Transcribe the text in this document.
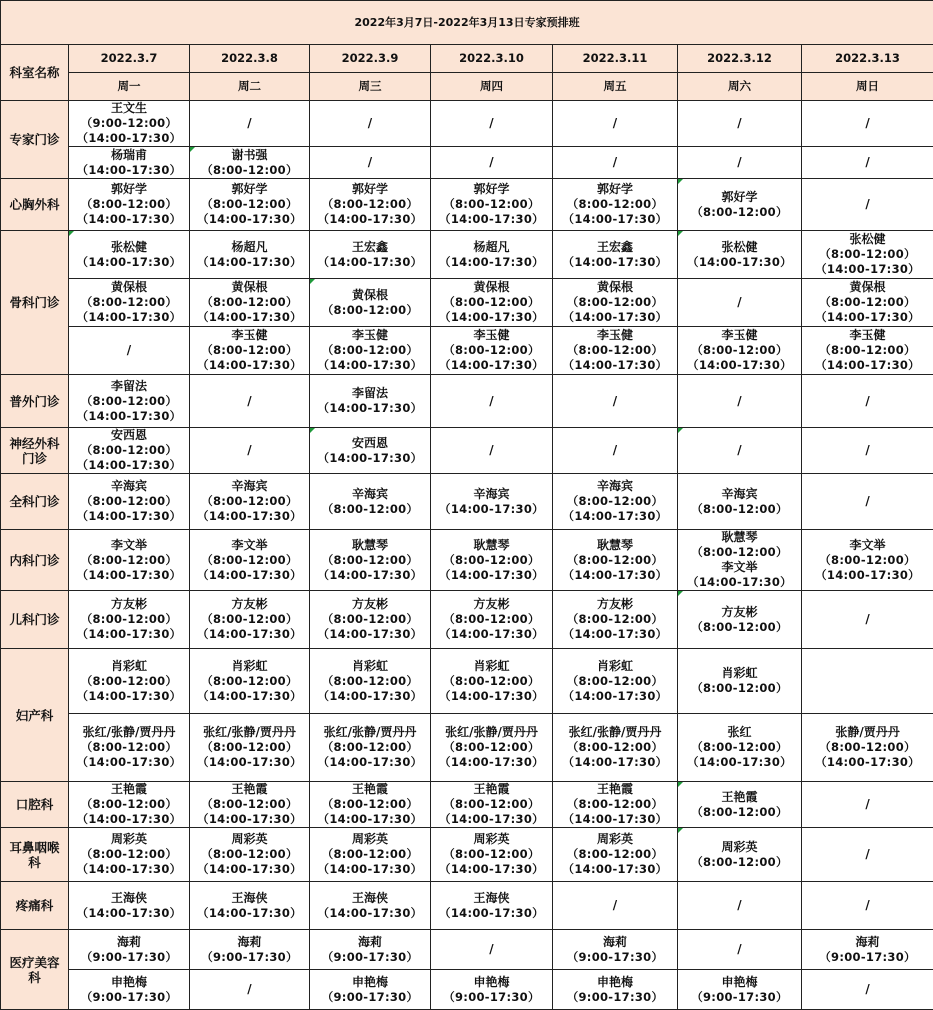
2022年3月7日-2022年3月13日专家预排班							
科室名称	2022.3.7	2022.3.8	2022.3.9	2022.3.10	2022.3.11	2022.3.12	2022.3.13
	周一	周二	周三	周四	周五	周六	周日
专家门诊	王文生
（9:00-12:00）
（14:00-17:30）	/	/	/	/	/	/

	杨瑞甫
（14:00-17:30）	谢书强
（8:00-12:00）	/	/	/	/	/

心胸外科	郭好学
（8:00-12:00）
（14:00-17:30）	郭好学
（8:00-12:00）
（14:00-17:30）	郭好学
（8:00-12:00）
（14:00-17:30）	郭好学
（8:00-12:00）
（14:00-17:30）	郭好学
（8:00-12:00）
（14:00-17:30）	郭好学
（8:00-12:00）	/

骨科门诊	张松健
（14:00-17:30）	杨超凡
（14:00-17:30）	王宏鑫
（14:00-17:30）	杨超凡
（14:00-17:30）	王宏鑫
（14:00-17:30）	张松健
（14:00-17:30）	张松健
（8:00-12:00）
（14:00-17:30）

	黄保根
（8:00-12:00）
（14:00-17:30）	黄保根
（8:00-12:00）
（14:00-17:30）	黄保根
（8:00-12:00）	黄保根
（8:00-12:00）
（14:00-17:30）	黄保根
（8:00-12:00）
（14:00-17:30）	/	黄保根
（8:00-12:00）
（14:00-17:30）

	/	李玉健
（8:00-12:00）
（14:00-17:30）	李玉健
（8:00-12:00）
（14:00-17:30）	李玉健
（8:00-12:00）
（14:00-17:30）	李玉健
（8:00-12:00）
（14:00-17:30）	李玉健
（8:00-12:00）
（14:00-17:30）	李玉健
（8:00-12:00）
（14:00-17:30）

普外门诊	李留法
（8:00-12:00）
（14:00-17:30）	/	李留法
（14:00-17:30）	/	/	/	/

神经外科
门诊	安西恩
（8:00-12:00）
（14:00-17:30）	/	安西恩
（14:00-17:30）	/	/	/	/

全科门诊	辛海宾
（8:00-12:00）
（14:00-17:30）	辛海宾
（8:00-12:00）
（14:00-17:30）	辛海宾
（8:00-12:00）	辛海宾
（14:00-17:30）	辛海宾
（8:00-12:00）
（14:00-17:30）	辛海宾
（8:00-12:00）	/

内科门诊	李文举
（8:00-12:00）
（14:00-17:30）	李文举
（8:00-12:00）
（14:00-17:30）	耿慧琴
（8:00-12:00）
（14:00-17:30）	耿慧琴
（8:00-12:00）
（14:00-17:30）	耿慧琴
（8:00-12:00）
（14:00-17:30）	耿慧琴
（8:00-12:00）
李文举
（14:00-17:30）	李文举
（8:00-12:00）
（14:00-17:30）

儿科门诊	方友彬
（8:00-12:00）
（14:00-17:30）	方友彬
（8:00-12:00）
（14:00-17:30）	方友彬
（8:00-12:00）
（14:00-17:30）	方友彬
（8:00-12:00）
（14:00-17:30）	方友彬
（8:00-12:00）
（14:00-17:30）	方友彬
（8:00-12:00）	/

妇产科	肖彩虹
（8:00-12:00）
（14:00-17:30）	肖彩虹
（8:00-12:00）
（14:00-17:30）	肖彩虹
（8:00-12:00）
（14:00-17:30）	肖彩虹
（8:00-12:00）
（14:00-17:30）	肖彩虹
（8:00-12:00）
（14:00-17:30）	肖彩虹
（8:00-12:00）	

	张红/张静/贾丹丹
（8:00-12:00）
（14:00-17:30）	张红/张静/贾丹丹
（8:00-12:00）
（14:00-17:30）	张红/张静/贾丹丹
（8:00-12:00）
（14:00-17:30）	张红/张静/贾丹丹
（8:00-12:00）
（14:00-17:30）	张红/张静/贾丹丹
（8:00-12:00）
（14:00-17:30）	张红
（8:00-12:00）
（14:00-17:30）	张静/贾丹丹
（8:00-12:00）
（14:00-17:30）

口腔科	王艳霞
（8:00-12:00）
（14:00-17:30）	王艳霞
（8:00-12:00）
（14:00-17:30）	王艳霞
（8:00-12:00）
（14:00-17:30）	王艳霞
（8:00-12:00）
（14:00-17:30）	王艳霞
（8:00-12:00）
（14:00-17:30）	王艳霞
（8:00-12:00）	/

耳鼻咽喉
科	周彩英
（8:00-12:00）
（14:00-17:30）	周彩英
（8:00-12:00）
（14:00-17:30）	周彩英
（8:00-12:00）
（14:00-17:30）	周彩英
（8:00-12:00）
（14:00-17:30）	周彩英
（8:00-12:00）
（14:00-17:30）	周彩英
（8:00-12:00）	/

疼痛科	王海侠
（14:00-17:30）	王海侠
（14:00-17:30）	王海侠
（14:00-17:30）	王海侠
（14:00-17:30）	/	/	/

医疗美容
科	海莉
（9:00-17:30）	海莉
（9:00-17:30）	海莉
（9:00-17:30）	/	海莉
（9:00-17:30）	/	海莉
（9:00-17:30）

	申艳梅
（9:00-17:30）	/	申艳梅
（9:00-17:30）	申艳梅
（9:00-17:30）	申艳梅
（9:00-17:30）	申艳梅
（9:00-17:30）	/
